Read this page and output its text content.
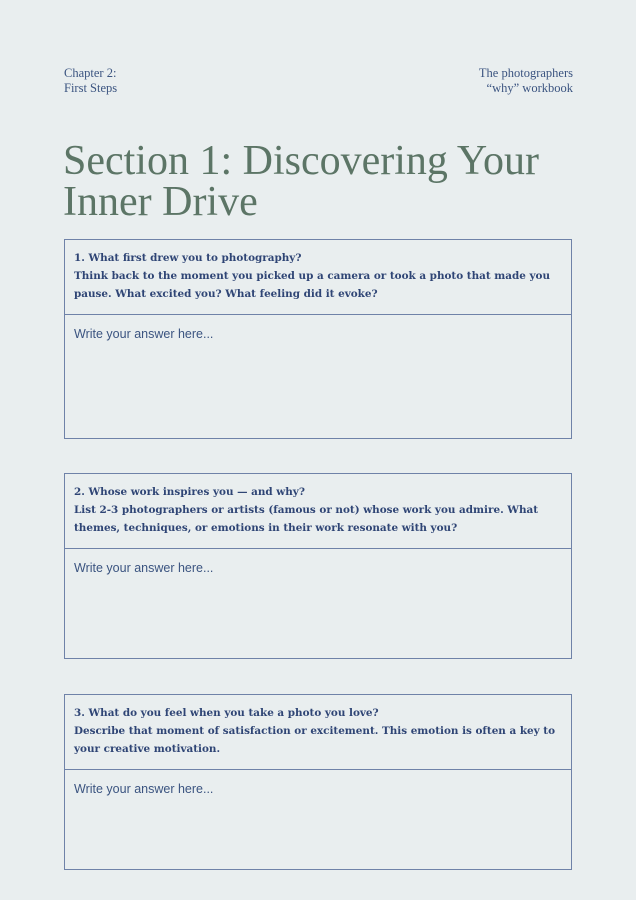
Chapter 2:
First Steps
The photographers
“why” workbook
Section 1: Discovering Your Inner Drive
1. What first drew you to photography?
Think back to the moment you picked up a camera or took a photo that made you pause. What excited you? What feeling did it evoke?
Write your answer here...
2. Whose work inspires you — and why?
List 2-3 photographers or artists (famous or not) whose work you admire. What themes, techniques, or emotions in their work resonate with you?
Write your answer here...
3. What do you feel when you take a photo you love?
Describe that moment of satisfaction or excitement. This emotion is often a key to your creative motivation.
Write your answer here...
